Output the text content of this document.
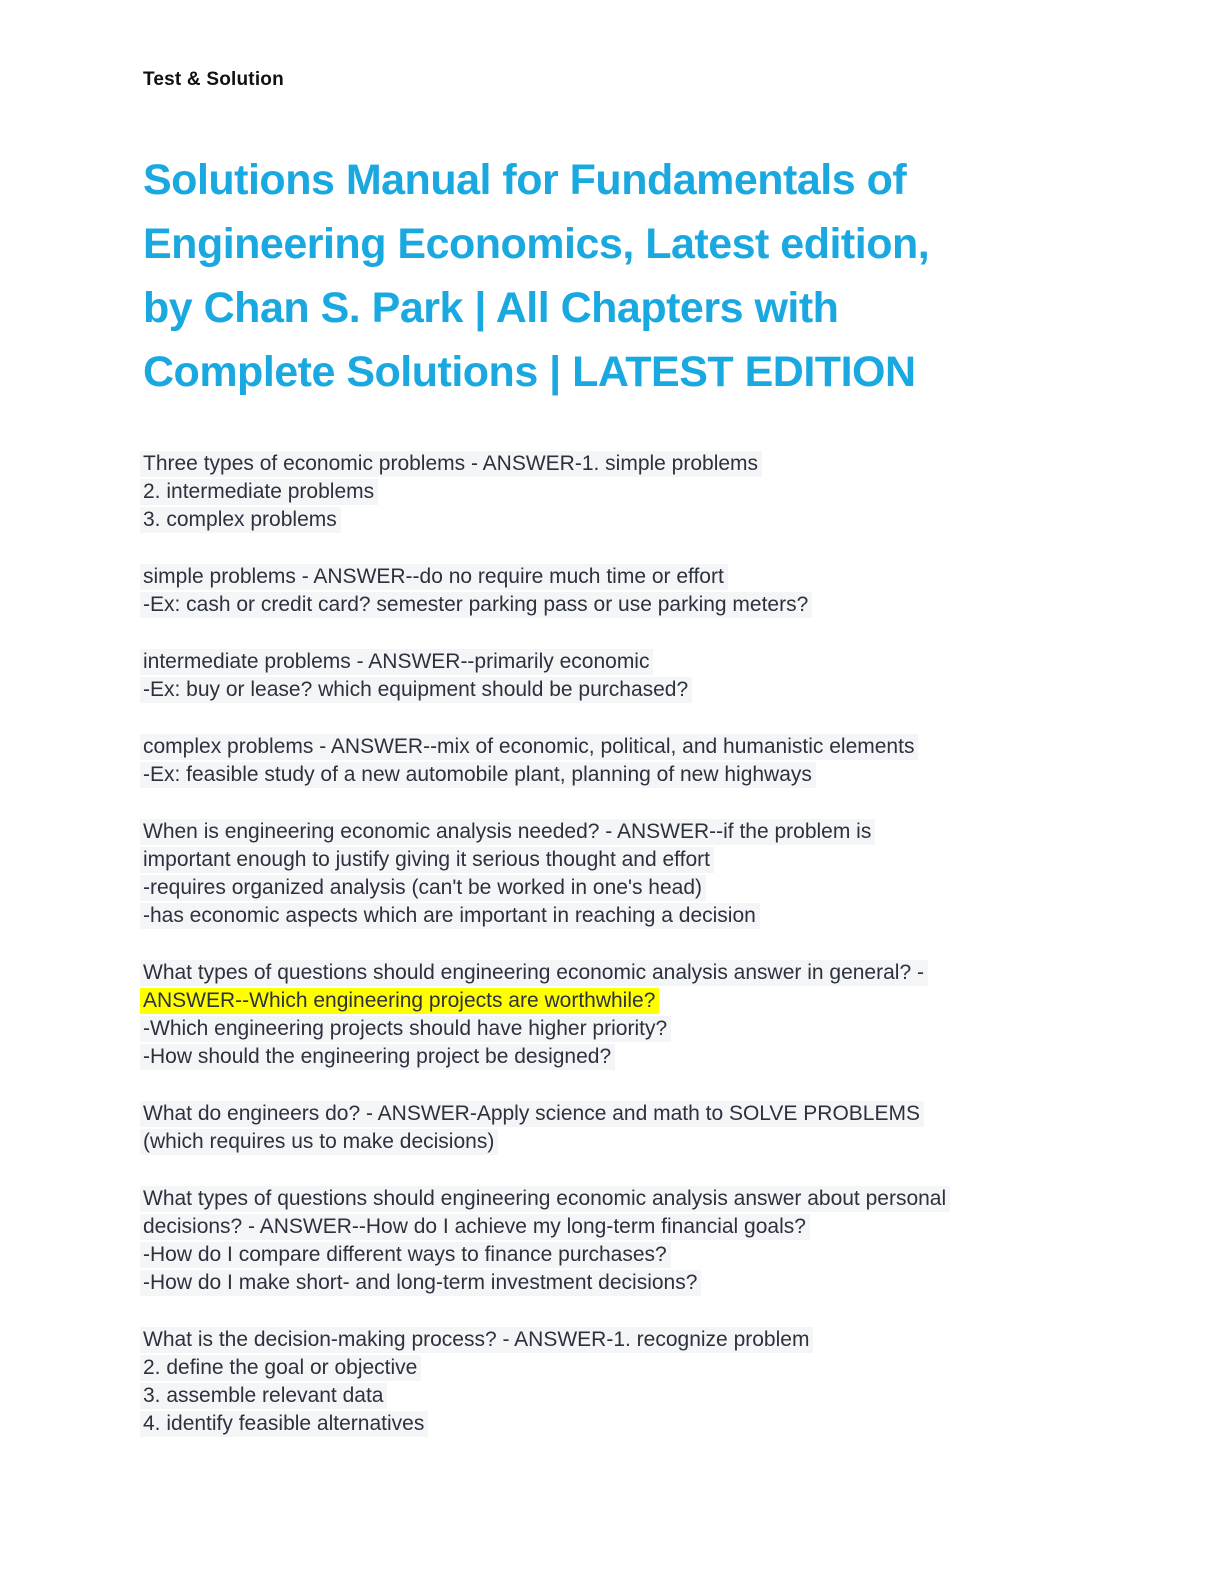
Test & Solution
Solutions Manual for Fundamentals of
Engineering Economics, Latest edition,
by Chan S. Park | All Chapters with
Complete Solutions | LATEST EDITION
Three types of economic problems - ANSWER-1. simple problems
2. intermediate problems
3. complex problems
simple problems - ANSWER--do no require much time or effort
-Ex: cash or credit card? semester parking pass or use parking meters?
intermediate problems - ANSWER--primarily economic
-Ex: buy or lease? which equipment should be purchased?
complex problems - ANSWER--mix of economic, political, and humanistic elements
-Ex: feasible study of a new automobile plant, planning of new highways
When is engineering economic analysis needed? - ANSWER--if the problem is
important enough to justify giving it serious thought and effort
-requires organized analysis (can't be worked in one's head)
-has economic aspects which are important in reaching a decision
What types of questions should engineering economic analysis answer in general? -
ANSWER--Which engineering projects are worthwhile?
-Which engineering projects should have higher priority?
-How should the engineering project be designed?
What do engineers do? - ANSWER-Apply science and math to SOLVE PROBLEMS
(which requires us to make decisions)
What types of questions should engineering economic analysis answer about personal
decisions? - ANSWER--How do I achieve my long-term financial goals?
-How do I compare different ways to finance purchases?
-How do I make short- and long-term investment decisions?
What is the decision-making process? - ANSWER-1. recognize problem
2. define the goal or objective
3. assemble relevant data
4. identify feasible alternatives
